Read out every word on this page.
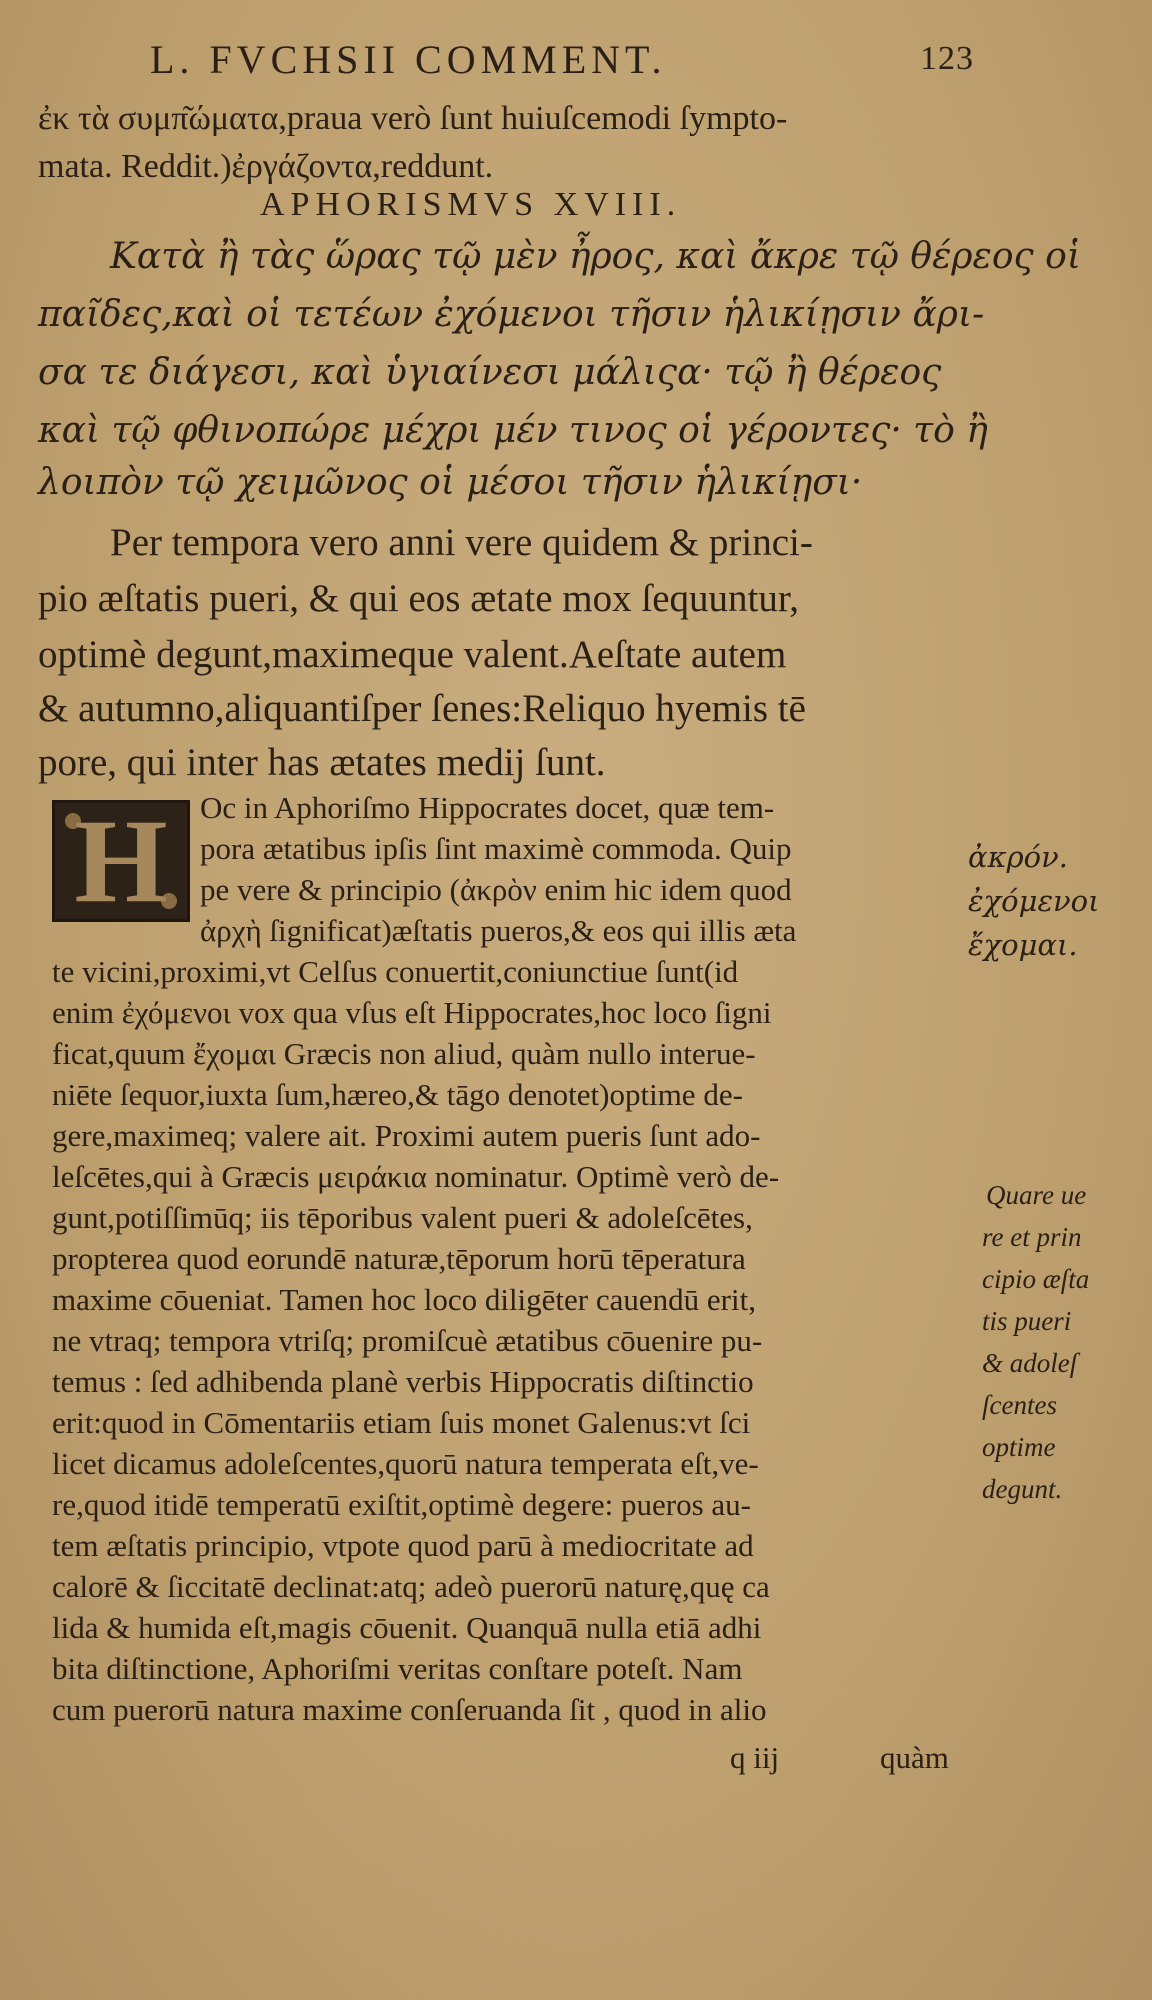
L. FVCHSII COMMENT.	123
ἐκ τὰ συμπ͂ώματα,praua verò ſunt huiuſcemodi ſympto-
mata. Reddit.)ἐργάζοντα,reddunt.
APHORISMVS XVIII.
Κατὰ ἢ τὰς ὥρας τῷ μὲν ἦρος, καὶ ἄκρε τῷ θέρεος οἱ
παῖδες,καὶ οἱ τετέων ἐχόμενοι τῆσιν ἡλικίῃσιν ἄρι-
σα τε διάγεσι, καὶ ὑγιαίνεσι μάλιςα· τῷ ἢ θέρεος
καὶ τῷ φθινοπώρε μέχρι μέν τινος οἱ γέροντες· τὸ ἢ
λοιπὸν τῷ χειμῶνος οἱ μέσοι τῆσιν ἡλικίῃσι·
Per tempora vero anni vere quidem & princi-
pio æſtatis pueri, & qui eos ætate mox ſequuntur,
optimè degunt,maximeque valent.Aeſtate autem
& autumno,aliquantiſper ſenes:Reliquo hyemis tē
pore, qui inter has ætates medij ſunt.
H	Oc in Aphoriſmo Hippocrates docet, quæ tem-
pora ætatibus ipſis ſint maximè commoda. Quip
pe vere & principio (ἀκρὸν enim hic idem quod
ἀρχὴ ſignificat)æſtatis pueros,& eos qui illis æta
te vicini,proximi,vt Celſus conuertit,coniunctiue ſunt(id
enim ἐχόμενοι vox qua vſus eſt Hippocrates,hoc loco ſigni
ficat,quum ἔχομαι Græcis non aliud, quàm nullo interue-
niēte ſequor,iuxta ſum,hæreo,& tāgo denotet)optime de-
gere,maximeq; valere ait. Proximi autem pueris ſunt ado-
leſcētes,qui à Græcis μειράκια nominatur. Optimè verò de-
gunt,potiſſimūq; iis tēporibus valent pueri & adoleſcētes,
propterea quod eorundē naturæ,tēporum horū tēperatura
maxime cōueniat. Tamen hoc loco diligēter cauendū erit,
ne vtraq; tempora vtriſq; promiſcuè ætatibus cōuenire pu-
temus : ſed adhibenda planè verbis Hippocratis diſtinctio
erit:quod in Cōmentariis etiam ſuis monet Galenus:vt ſci
licet dicamus adoleſcentes,quorū natura temperata eſt,ve-
re,quod itidē temperatū exiſtit,optimè degere: pueros au-
tem æſtatis principio, vtpote quod parū à mediocritate ad
calorē & ſiccitatē declinat:atq; adeò puerorū naturę,quę ca
lida & humida eſt,magis cōuenit. Quanquā nulla etiā adhi
bita diſtinctione, Aphoriſmi veritas conſtare poteſt. Nam
cum puerorū natura maxime conſeruanda ſit , quod in alio
q iij	quàm
ἀκρόν.
ἐχόμενοι
ἔχομαι.
Quare ue
re et prin
cipio æſta
tis pueri
& adoleſ
ſcentes
optime
degunt.
